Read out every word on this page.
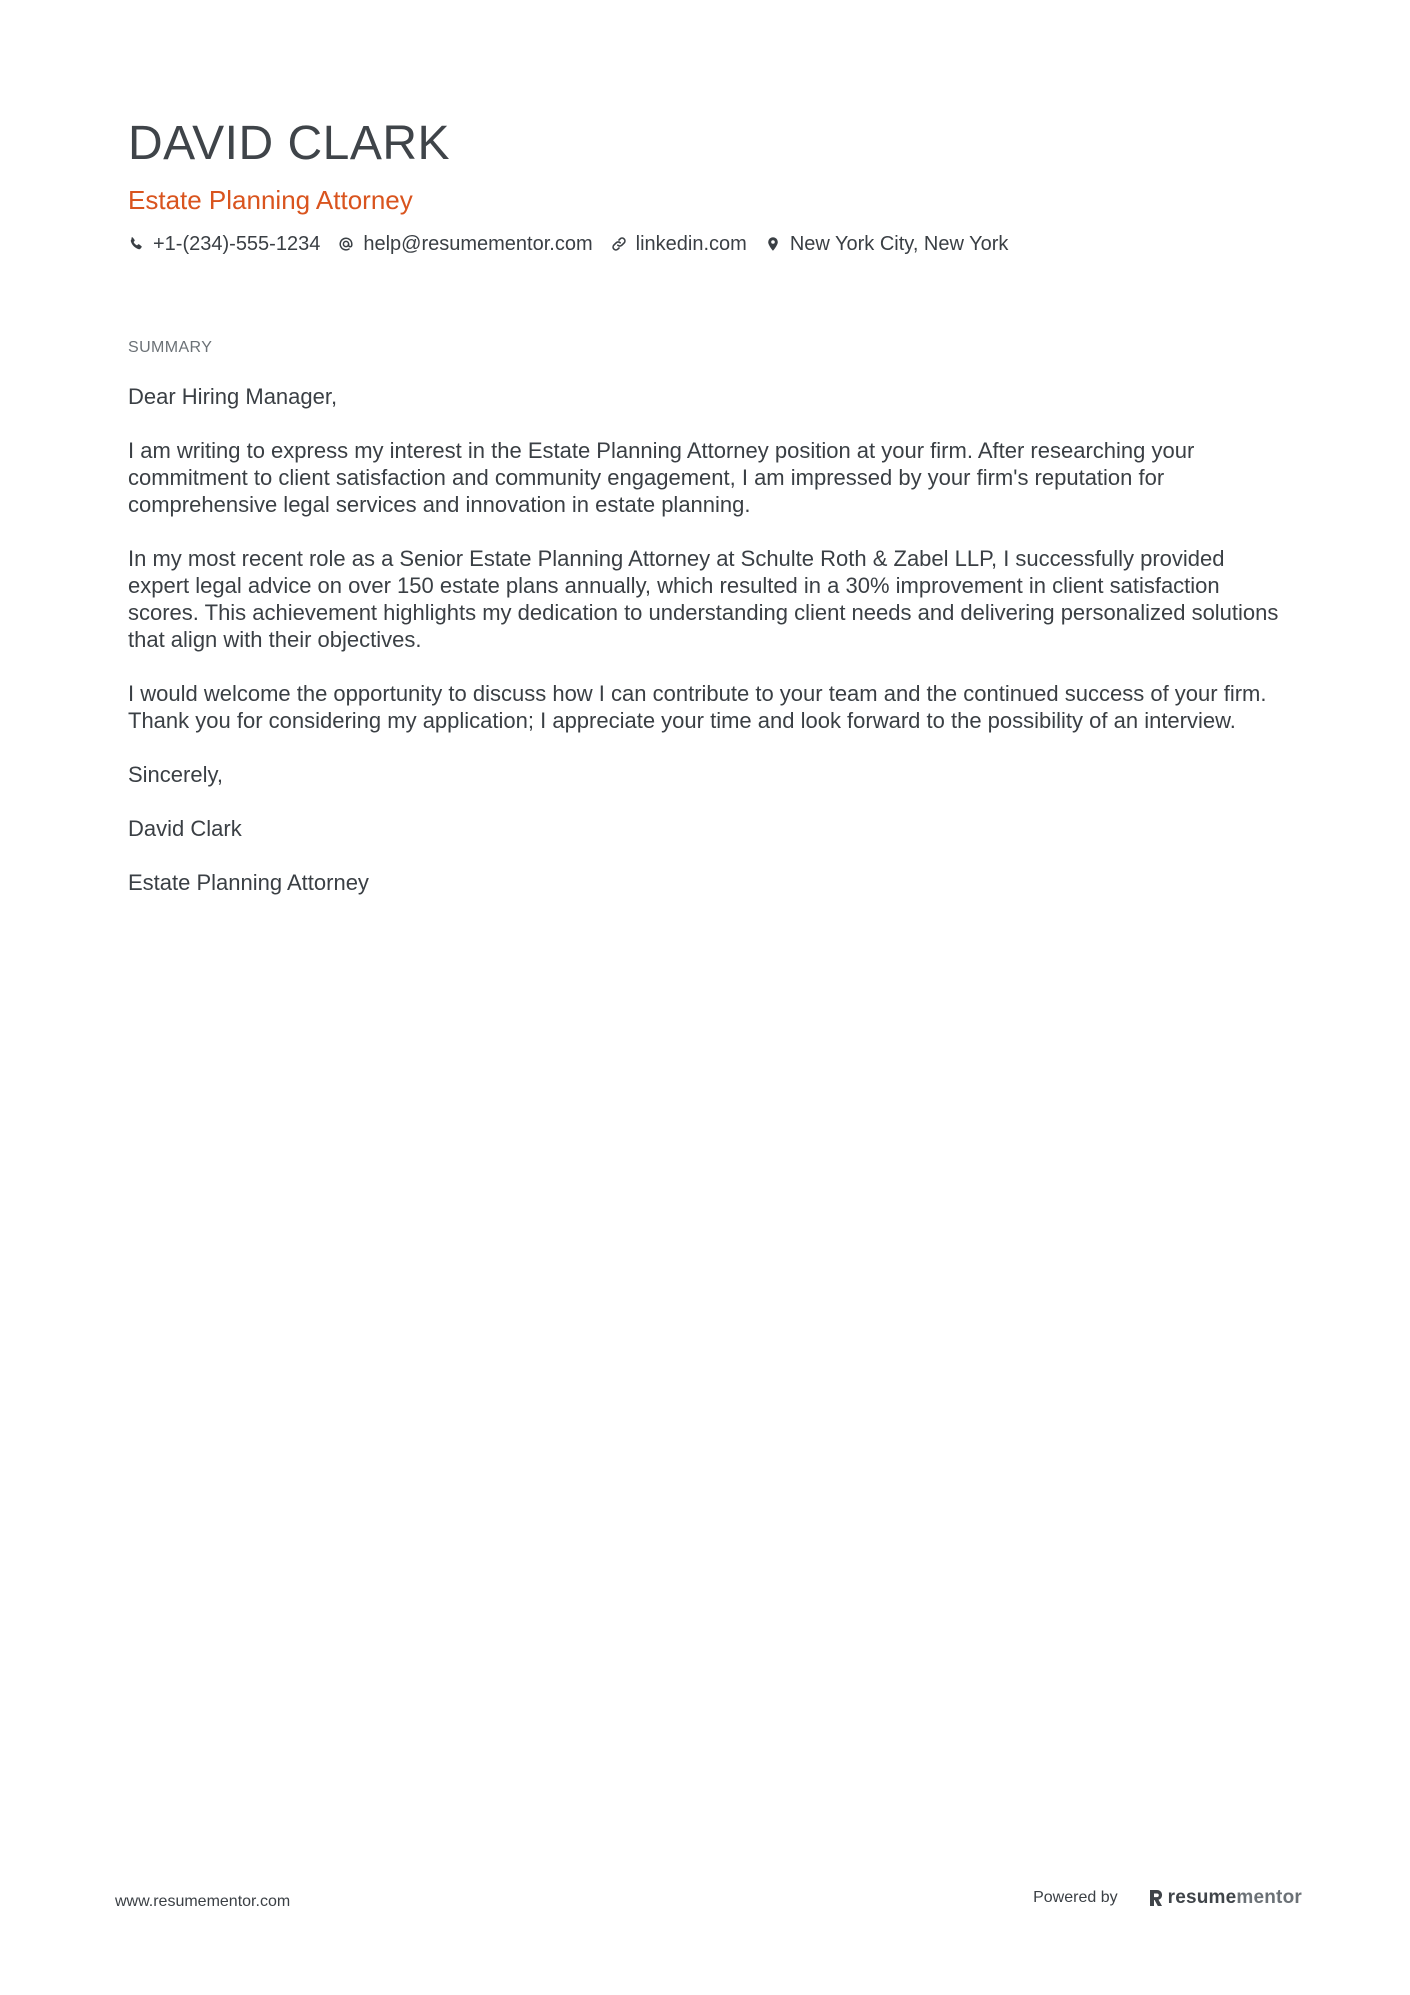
DAVID CLARK
Estate Planning Attorney
+1-(234)-555-1234 help@resumementor.com linkedin.com New York City, New York
SUMMARY

Dear Hiring Manager,

I am writing to express my interest in the Estate Planning Attorney position at your firm. After researching your commitment to client satisfaction and community engagement, I am impressed by your firm's reputation for comprehensive legal services and innovation in estate planning.

In my most recent role as a Senior Estate Planning Attorney at Schulte Roth & Zabel LLP, I successfully provided expert legal advice on over 150 estate plans annually, which resulted in a 30% improvement in client satisfaction scores. This achievement highlights my dedication to understanding client needs and delivering personalized solutions that align with their objectives.

I would welcome the opportunity to discuss how I can contribute to your team and the continued success of your firm. Thank you for considering my application; I appreciate your time and look forward to the possibility of an interview.

Sincerely,

David Clark

Estate Planning Attorney

www.resumementor.com	Powered by	resume mentor
